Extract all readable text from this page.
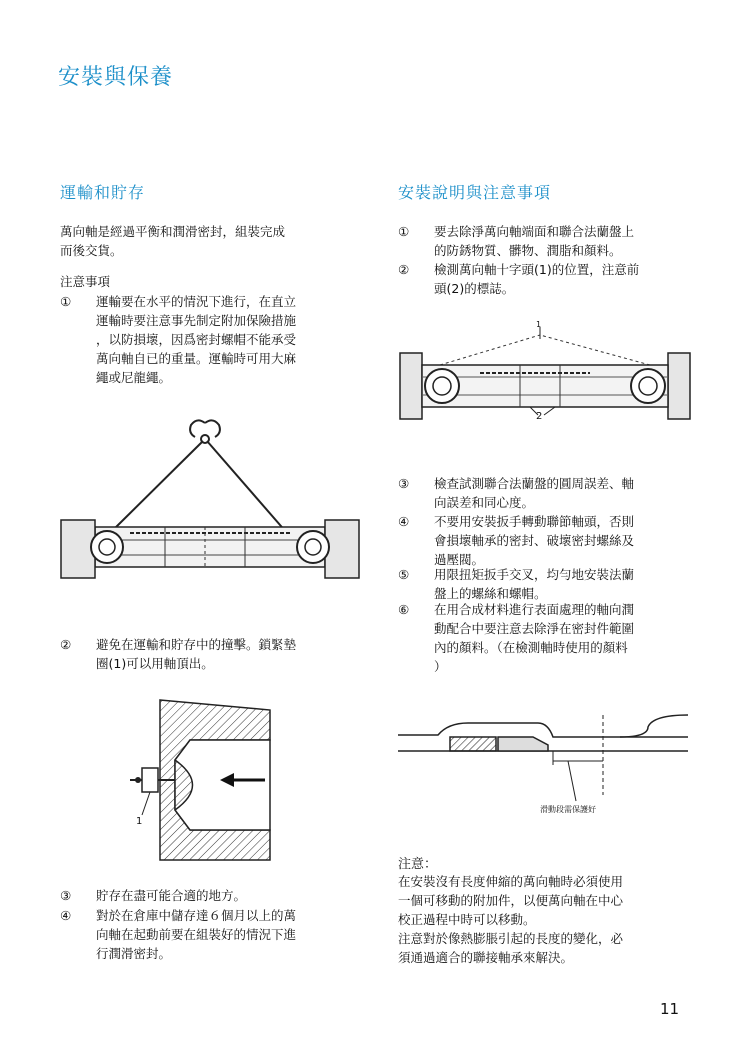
安裝與保養
運輸和貯存
萬向軸是經過平衡和潤滑密封，組裝完成
而後交貨。
注意事項
①	運輸要在水平的情況下進行，在直立
運輸時要注意事先制定附加保險措施
，以防損壞，因爲密封螺帽不能承受
萬向軸自已的重量。運輸時可用大麻
繩或尼龍繩。
②	避免在運輸和貯存中的撞擊。鎖緊墊
圈(1)可以用軸頂出。
1
③	貯存在盡可能合適的地方。
④	對於在倉庫中儲存達６個月以上的萬
向軸在起動前要在組裝好的情況下進
行潤滑密封。
安裝說明與注意事項
①	要去除淨萬向軸端面和聯合法蘭盤上
的防銹物質、髒物、潤脂和顏料。
②	檢測萬向軸十字頭(1)的位置，注意前
頭(2)的標誌。
1
2
③	檢查試測聯合法蘭盤的圓周誤差、軸
向誤差和同心度。
④	不要用安裝扳手轉動聯節軸頭，否則
會損壞軸承的密封、破壞密封螺絲及
過壓閥。
⑤	用限扭矩扳手交叉，均勻地安裝法蘭
盤上的螺絲和螺帽。
⑥	在用合成材料進行表面處理的軸向潤
動配合中要注意去除淨在密封件範圍
內的顏料。（在檢測軸時使用的顏料
）
滑動段需保護好
注意：
在安裝沒有長度伸縮的萬向軸時必須使用
一個可移動的附加件，以便萬向軸在中心
校正過程中時可以移動。
注意對於像熱膨脹引起的長度的變化，必
須通過適合的聯接軸承來解決。
11
